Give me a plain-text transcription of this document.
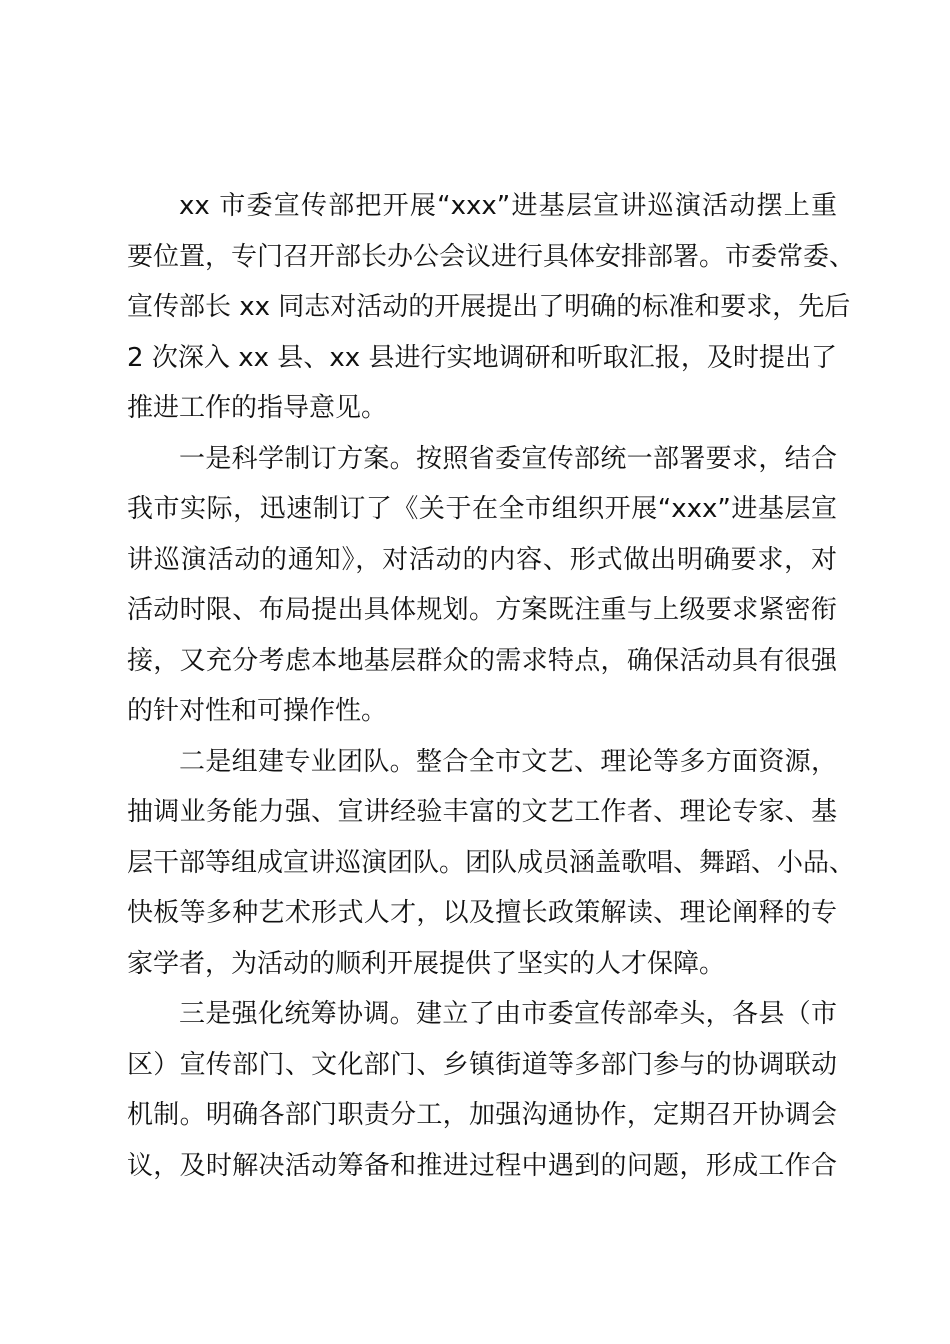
xx 市委宣传部把开展“xxx”进基层宣讲巡演活动摆上重
要位置，专门召开部长办公会议进行具体安排部署。市委常委、
宣传部长 xx 同志对活动的开展提出了明确的标准和要求，先后
2 次深入 xx 县、xx 县进行实地调研和听取汇报，及时提出了
推进工作的指导意见。
一是科学制订方案。按照省委宣传部统一部署要求，结合
我市实际，迅速制订了《关于在全市组织开展“xxx”进基层宣
讲巡演活动的通知》，对活动的内容、形式做出明确要求，对
活动时限、布局提出具体规划。方案既注重与上级要求紧密衔
接，又充分考虑本地基层群众的需求特点，确保活动具有很强
的针对性和可操作性。
二是组建专业团队。整合全市文艺、理论等多方面资源，
抽调业务能力强、宣讲经验丰富的文艺工作者、理论专家、基
层干部等组成宣讲巡演团队。团队成员涵盖歌唱、舞蹈、小品、
快板等多种艺术形式人才，以及擅长政策解读、理论阐释的专
家学者，为活动的顺利开展提供了坚实的人才保障。
三是强化统筹协调。建立了由市委宣传部牵头，各县（市
区）宣传部门、文化部门、乡镇街道等多部门参与的协调联动
机制。明确各部门职责分工，加强沟通协作，定期召开协调会
议，及时解决活动筹备和推进过程中遇到的问题，形成工作合
